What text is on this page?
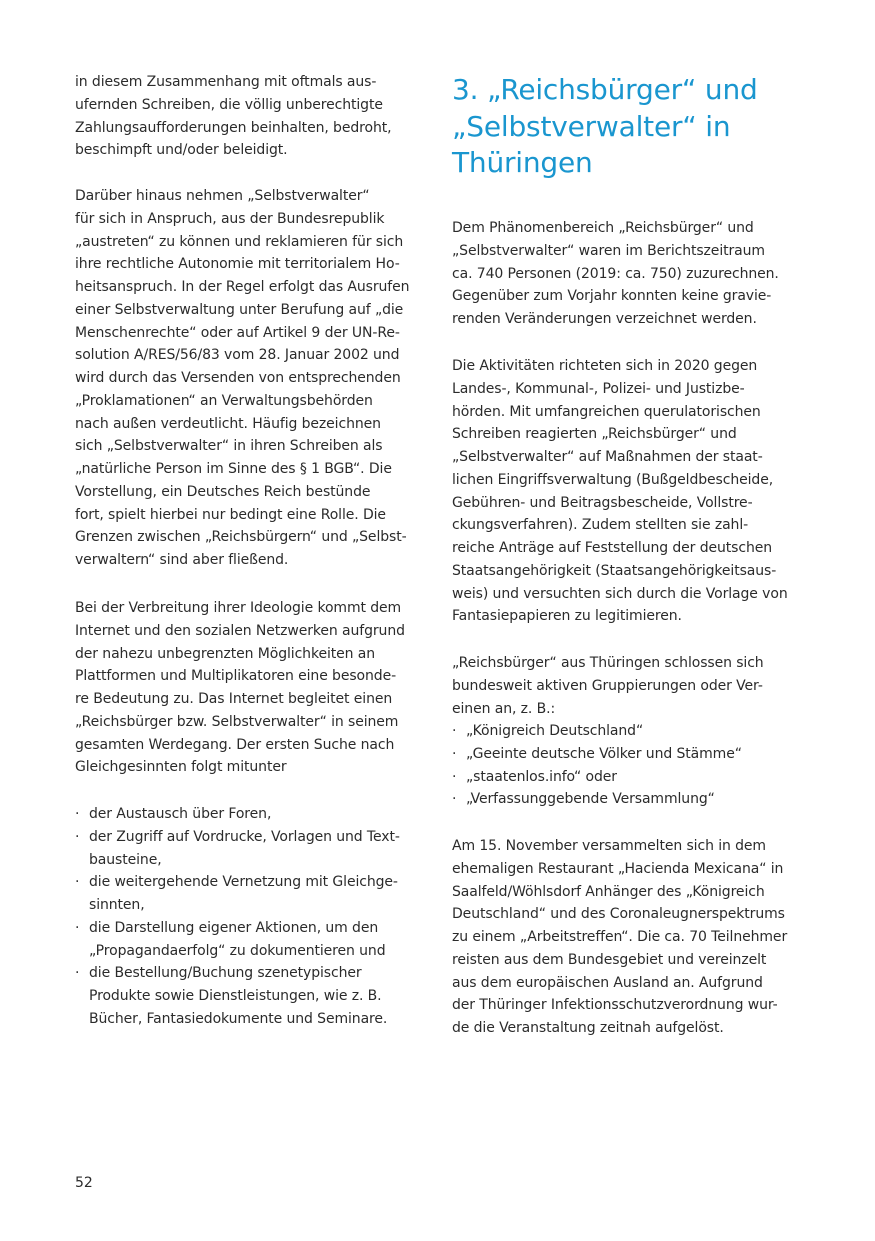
in diesem Zusammenhang mit oftmals aus-
ufernden Schreiben, die völlig unberechtigte
Zahlungsaufforderungen beinhalten, bedroht,
beschimpft und/oder beleidigt.

Darüber hinaus nehmen „Selbstverwalter“
für sich in Anspruch, aus der Bundesrepublik
„austreten“ zu können und reklamieren für sich
ihre rechtliche Autonomie mit territorialem Ho-
heitsanspruch. In der Regel erfolgt das Ausrufen
einer Selbstverwaltung unter Berufung auf „die
Menschenrechte“ oder auf Artikel 9 der UN-Re-
solution A/RES/56/83 vom 28. Januar 2002 und
wird durch das Versenden von entsprechenden
„Proklamationen“ an Verwaltungsbehörden
nach außen verdeutlicht. Häufig bezeichnen
sich „Selbstverwalter“ in ihren Schreiben als
„natürliche Person im Sinne des § 1 BGB“. Die
Vorstellung, ein Deutsches Reich bestünde
fort, spielt hierbei nur bedingt eine Rolle. Die
Grenzen zwischen „Reichsbürgern“ und „Selbst-
verwaltern“ sind aber fließend.

Bei der Verbreitung ihrer Ideologie kommt dem
Internet und den sozialen Netzwerken aufgrund
der nahezu unbegrenzten Möglichkeiten an
Plattformen und Multiplikatoren eine besonde-
re Bedeutung zu. Das Internet begleitet einen
„Reichsbürger bzw. Selbstverwalter“ in seinem
gesamten Werdegang. Der ersten Suche nach
Gleichgesinnten folgt mitunter

· der Austausch über Foren,
· der Zugriff auf Vordrucke, Vorlagen und Text-
bausteine,
· die weitergehende Vernetzung mit Gleichge-
sinnten,
· die Darstellung eigener Aktionen, um den
„Propagandaerfolg“ zu dokumentieren und
· die Bestellung/Buchung szenetypischer
Produkte sowie Dienstleistungen, wie z. B.
Bücher, Fantasiedokumente und Seminare.
3. „Reichsbürger“ und
„Selbstverwalter“ in
Thüringen

Dem Phänomenbereich „Reichsbürger“ und
„Selbstverwalter“ waren im Berichtszeitraum
ca. 740 Personen (2019: ca. 750) zuzurechnen.
Gegenüber zum Vorjahr konnten keine gravie-
renden Veränderungen verzeichnet werden.

Die Aktivitäten richteten sich in 2020 gegen
Landes-, Kommunal-, Polizei- und Justizbe-
hörden. Mit umfangreichen querulatorischen
Schreiben reagierten „Reichsbürger“ und
„Selbstverwalter“ auf Maßnahmen der staat-
lichen Eingriffsverwaltung (Bußgeldbescheide,
Gebühren- und Beitragsbescheide, Vollstre-
ckungsverfahren). Zudem stellten sie zahl-
reiche Anträge auf Feststellung der deutschen
Staatsangehörigkeit (Staatsangehörigkeitsaus-
weis) und versuchten sich durch die Vorlage von
Fantasiepapieren zu legitimieren.

„Reichsbürger“ aus Thüringen schlossen sich
bundesweit aktiven Gruppierungen oder Ver-
einen an, z. B.:

· „Königreich Deutschland“
· „Geeinte deutsche Völker und Stämme“
· „staatenlos.info“ oder
· „Verfassunggebende Versammlung“

Am 15. November versammelten sich in dem
ehemaligen Restaurant „Hacienda Mexicana“ in
Saalfeld/Wöhlsdorf Anhänger des „Königreich
Deutschland“ und des Coronaleugnerspektrums
zu einem „Arbeitstreffen“. Die ca. 70 Teilnehmer
reisten aus dem Bundesgebiet und vereinzelt
aus dem europäischen Ausland an. Aufgrund
der Thüringer Infektionsschutzverordnung wur-
de die Veranstaltung zeitnah aufgelöst.

52
